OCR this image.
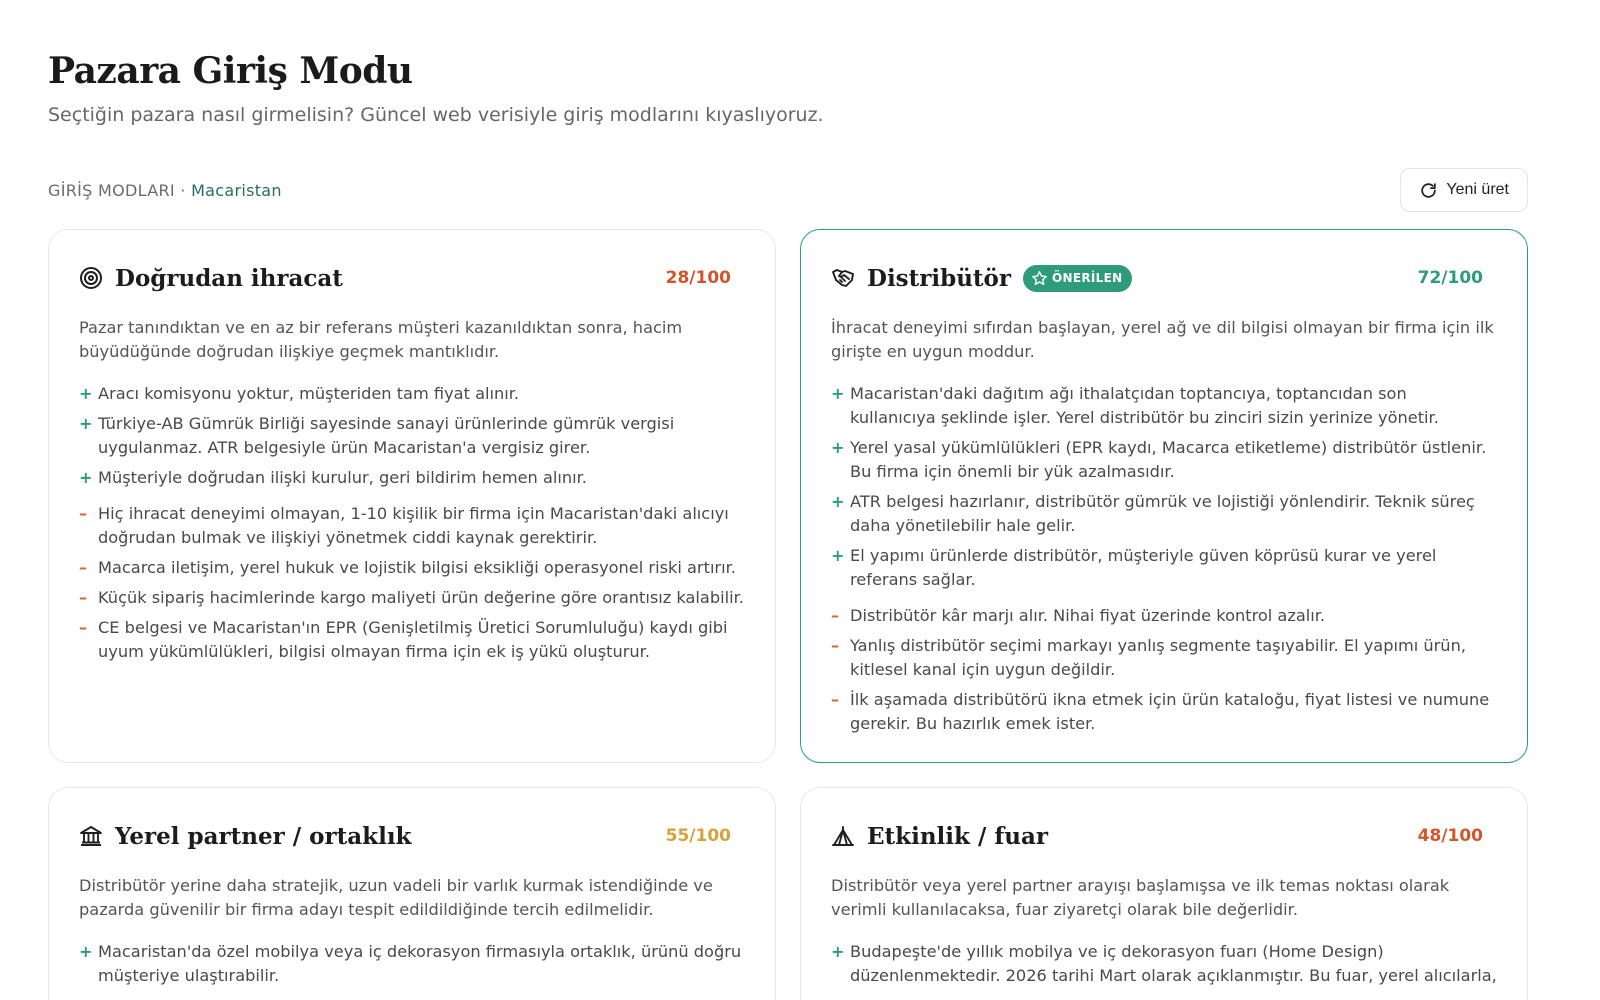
Pazara Giriş Modu

Seçtiğin pazara nasıl girmelisin? Güncel web verisiyle giriş modlarını kıyaslıyoruz.

GİRİŞ MODLARI · Macaristan	Yeni üret
Doğrudan ihracat	28/100

Pazar tanındıktan ve en az bir referans müşteri kazanıldıktan sonra, hacim büyüdüğünde doğrudan ilişkiye geçmek mantıklıdır.

+ Aracı komisyonu yoktur, müşteriden tam fiyat alınır.
+ Türkiye-AB Gümrük Birliği sayesinde sanayi ürünlerinde gümrük vergisi uygulanmaz. ATR belgesiyle ürün Macaristan'a vergisiz girer.
+ Müşteriyle doğrudan ilişki kurulur, geri bildirim hemen alınır.
– Hiç ihracat deneyimi olmayan, 1-10 kişilik bir firma için Macaristan'daki alıcıyı doğrudan bulmak ve ilişkiyi yönetmek ciddi kaynak gerektirir.
– Macarca iletişim, yerel hukuk ve lojistik bilgisi eksikliği operasyonel riski artırır.
– Küçük sipariş hacimlerinde kargo maliyeti ürün değerine göre orantısız kalabilir.
– CE belgesi ve Macaristan'ın EPR (Genişletilmiş Üretici Sorumluluğu) kaydı gibi uyum yükümlülükleri, bilgisi olmayan firma için ek iş yükü oluşturur.
Distribütör	ÖNERİLEN	72/100

İhracat deneyimi sıfırdan başlayan, yerel ağ ve dil bilgisi olmayan bir firma için ilk girişte en uygun moddur.

+ Macaristan'daki dağıtım ağı ithalatçıdan toptancıya, toptancıdan son kullanıcıya şeklinde işler. Yerel distribütör bu zinciri sizin yerinize yönetir.
+ Yerel yasal yükümlülükleri (EPR kaydı, Macarca etiketleme) distribütör üstlenir. Bu firma için önemli bir yük azalmasıdır.
+ ATR belgesi hazırlanır, distribütör gümrük ve lojistiği yönlendirir. Teknik süreç daha yönetilebilir hale gelir.
+ El yapımı ürünlerde distribütör, müşteriyle güven köprüsü kurar ve yerel referans sağlar.
– Distribütör kâr marjı alır. Nihai fiyat üzerinde kontrol azalır.
– Yanlış distribütör seçimi markayı yanlış segmente taşıyabilir. El yapımı ürün, kitlesel kanal için uygun değildir.
– İlk aşamada distribütörü ikna etmek için ürün kataloğu, fiyat listesi ve numune gerekir. Bu hazırlık emek ister.
Yerel partner / ortaklık	55/100

Distribütör yerine daha stratejik, uzun vadeli bir varlık kurmak istendiğinde ve pazarda güvenilir bir firma adayı tespit edildildiğinde tercih edilmelidir.

+ Macaristan'da özel mobilya veya iç dekorasyon firmasıyla ortaklık, ürünü doğru müşteriye ulaştırabilir.
Etkinlik / fuar	48/100

Distribütör veya yerel partner arayışı başlamışsa ve ilk temas noktası olarak verimli kullanılacaksa, fuar ziyaretçi olarak bile değerlidir.

+ Budapeşte'de yıllık mobilya ve iç dekorasyon fuarı (Home Design) düzenlenmektedir. 2026 tarihi Mart olarak açıklanmıştır. Bu fuar, yerel alıcılarla,
